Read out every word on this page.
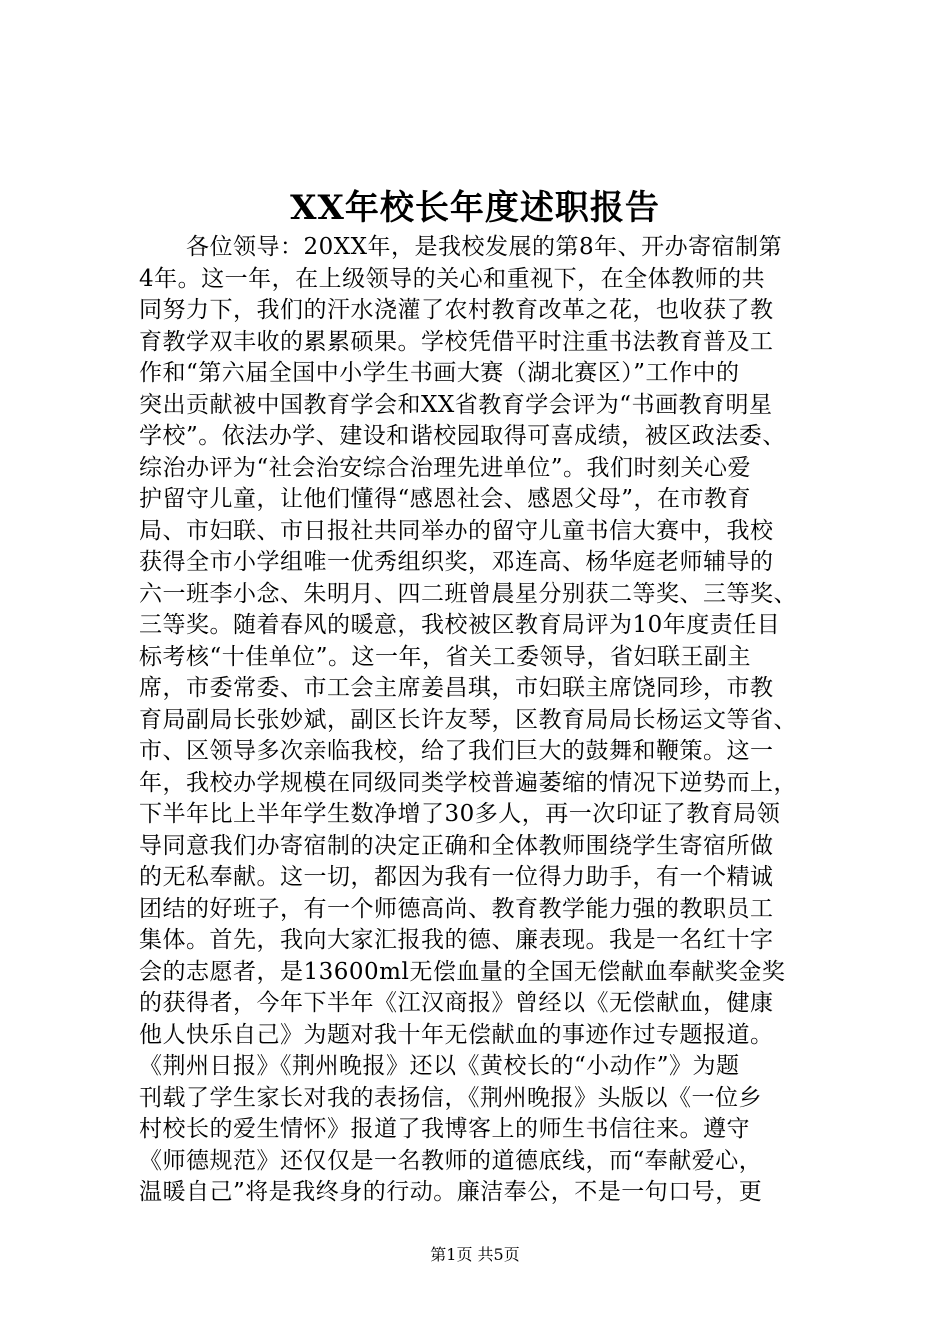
XX年校长年度述职报告
　　各位领导：20XX年，是我校发展的第8年、开办寄宿制第
4年。这一年，在上级领导的关心和重视下，在全体教师的共
同努力下，我们的汗水浇灌了农村教育改革之花，也收获了教
育教学双丰收的累累硕果。学校凭借平时注重书法教育普及工
作和“第六届全国中小学生书画大赛（湖北赛区）”工作中的
突出贡献被中国教育学会和XX省教育学会评为“书画教育明星
学校”。依法办学、建设和谐校园取得可喜成绩，被区政法委、
综治办评为“社会治安综合治理先进单位”。我们时刻关心爱
护留守儿童，让他们懂得“感恩社会、感恩父母”，在市教育
局、市妇联、市日报社共同举办的留守儿童书信大赛中，我校
获得全市小学组唯一优秀组织奖，邓连高、杨华庭老师辅导的
六一班李小念、朱明月、四二班曾晨星分别获二等奖、三等奖、
三等奖。随着春风的暖意，我校被区教育局评为10年度责任目
标考核“十佳单位”。这一年，省关工委领导，省妇联王副主
席，市委常委、市工会主席姜昌琪，市妇联主席饶同珍，市教
育局副局长张妙斌，副区长许友琴，区教育局局长杨运文等省、
市、区领导多次亲临我校，给了我们巨大的鼓舞和鞭策。这一
年，我校办学规模在同级同类学校普遍萎缩的情况下逆势而上，
下半年比上半年学生数净增了30多人，再一次印证了教育局领
导同意我们办寄宿制的决定正确和全体教师围绕学生寄宿所做
的无私奉献。这一切，都因为我有一位得力助手，有一个精诚
团结的好班子，有一个师德高尚、教育教学能力强的教职员工
集体。首先，我向大家汇报我的德、廉表现。我是一名红十字
会的志愿者，是13600ml无偿血量的全国无偿献血奉献奖金奖
的获得者，今年下半年《江汉商报》曾经以《无偿献血，健康
他人快乐自己》为题对我十年无偿献血的事迹作过专题报道。
《荆州日报》《荆州晚报》还以《黄校长的“小动作”》为题
刊载了学生家长对我的表扬信，《荆州晚报》头版以《一位乡
村校长的爱生情怀》报道了我博客上的师生书信往来。遵守
《师德规范》还仅仅是一名教师的道德底线，而“奉献爱心，
温暖自己”将是我终身的行动。廉洁奉公，不是一句口号，更
第1页 共5页
